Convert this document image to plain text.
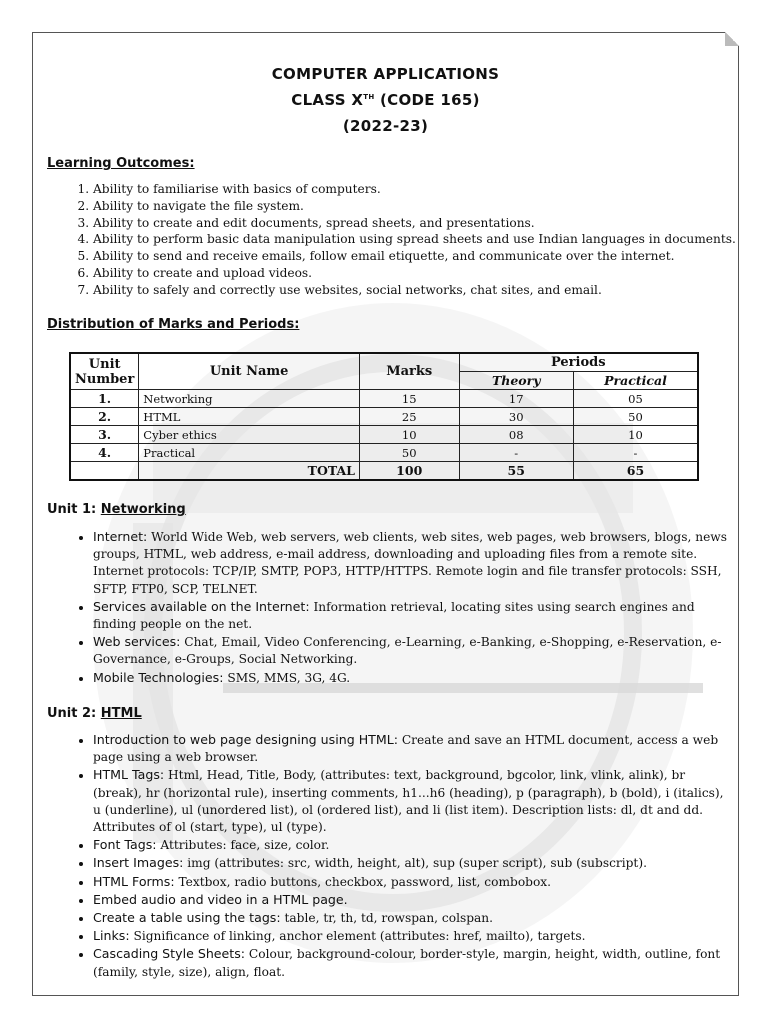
COMPUTER APPLICATIONS
CLASS XTH (CODE 165)
(2022-23)
Learning Outcomes:
1. Ability to familiarise with basics of computers.
2. Ability to navigate the file system.
3. Ability to create and edit documents, spread sheets, and presentations.
4. Ability to perform basic data manipulation using spread sheets and use Indian languages in documents.
5. Ability to send and receive emails, follow email etiquette, and communicate over the internet.
6. Ability to create and upload videos.
7. Ability to safely and correctly use websites, social networks, chat sites, and email.
Distribution of Marks and Periods:
Unit Number	Unit Name	Marks	Periods	
			Theory	Practical
1.	Networking	15	17	05
2.	HTML	25	30	50
3.	Cyber ethics	10	08	10
4.	Practical	50	-	-
	TOTAL	100	55	65
Unit 1: Networking
• Internet: World Wide Web, web servers, web clients, web sites, web pages, web browsers, blogs, news groups, HTML, web address, e-mail address, downloading and uploading files from a remote site. Internet protocols: TCP/IP, SMTP, POP3, HTTP/HTTPS. Remote login and file transfer protocols: SSH, SFTP, FTP0, SCP, TELNET.
• Services available on the Internet: Information retrieval, locating sites using search engines and finding people on the net.
• Web services: Chat, Email, Video Conferencing, e-Learning, e-Banking, e-Shopping, e-Reservation, e-Governance, e-Groups, Social Networking.
• Mobile Technologies: SMS, MMS, 3G, 4G.
Unit 2: HTML
• Introduction to web page designing using HTML: Create and save an HTML document, access a web page using a web browser.
• HTML Tags: Html, Head, Title, Body, (attributes: text, background, bgcolor, link, vlink, alink), br (break), hr (horizontal rule), inserting comments, h1...h6 (heading), p (paragraph), b (bold), i (italics), u (underline), ul (unordered list), ol (ordered list), and li (list item). Description lists: dl, dt and dd. Attributes of ol (start, type), ul (type).
• Font Tags: Attributes: face, size, color.
• Insert Images: img (attributes: src, width, height, alt), sup (super script), sub (subscript).
• HTML Forms: Textbox, radio buttons, checkbox, password, list, combobox.
• Embed audio and video in a HTML page.
• Create a table using the tags: table, tr, th, td, rowspan, colspan.
• Links: Significance of linking, anchor element (attributes: href, mailto), targets.
• Cascading Style Sheets: Colour, background-colour, border-style, margin, height, width, outline, font (family, style, size), align, float.
